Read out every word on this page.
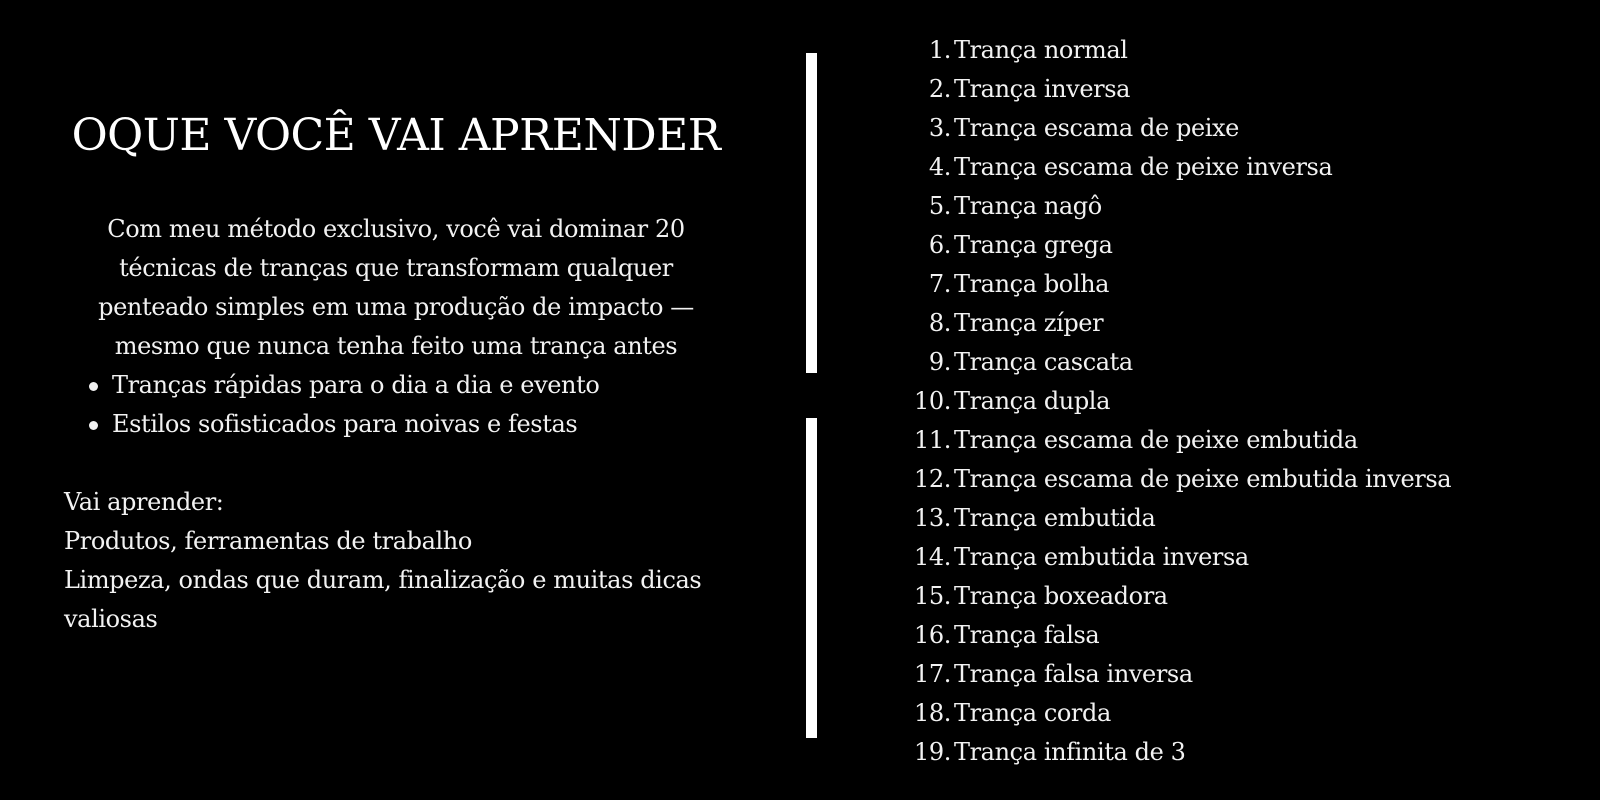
OQUE VOCÊ VAI APRENDER

Com meu método exclusivo, você vai dominar 20 técnicas de tranças que transformam qualquer penteado simples em uma produção de impacto — mesmo que nunca tenha feito uma trança antes

Tranças rápidas para o dia a dia e evento
Estilos sofisticados para noivas e festas
Vai aprender:
Produtos, ferramentas de trabalho
Limpeza, ondas que duram, finalização e muitas dicas valiosas
1. Trança normal
2. Trança inversa
3. Trança escama de peixe
4. Trança escama de peixe inversa
5. Trança nagô
6. Trança grega
7. Trança bolha
8. Trança zíper
9. Trança cascata
10. Trança dupla
11. Trança escama de peixe embutida
12. Trança escama de peixe embutida inversa
13. Trança embutida
14. Trança embutida inversa
15. Trança boxeadora
16. Trança falsa
17. Trança falsa inversa
18. Trança corda
19. Trança infinita de 3
